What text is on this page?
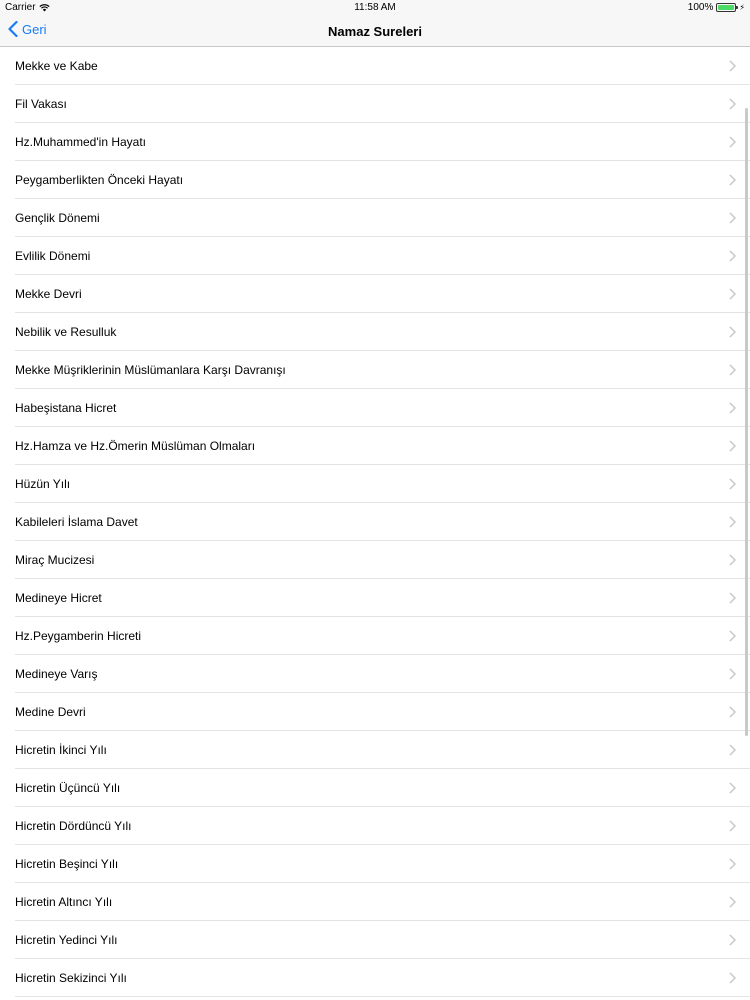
Carrier	11:58 AM	100%	⚡
Geri	Namaz Sureleri
Mekke ve Kabe
Fil Vakası
Hz.Muhammed'in Hayatı
Peygamberlikten Önceki Hayatı
Gençlik Dönemi
Evlilik Dönemi
Mekke Devri
Nebilik ve Resulluk
Mekke Müşriklerinin Müslümanlara Karşı Davranışı
Habeşistana Hicret
Hz.Hamza ve Hz.Ömerin Müslüman Olmaları
Hüzün Yılı
Kabileleri İslama Davet
Miraç Mucizesi
Medineye Hicret
Hz.Peygamberin Hicreti
Medineye Varış
Medine Devri
Hicretin İkinci Yılı
Hicretin Üçüncü Yılı
Hicretin Dördüncü Yılı
Hicretin Beşinci Yılı
Hicretin Altıncı Yılı
Hicretin Yedinci Yılı
Hicretin Sekizinci Yılı
